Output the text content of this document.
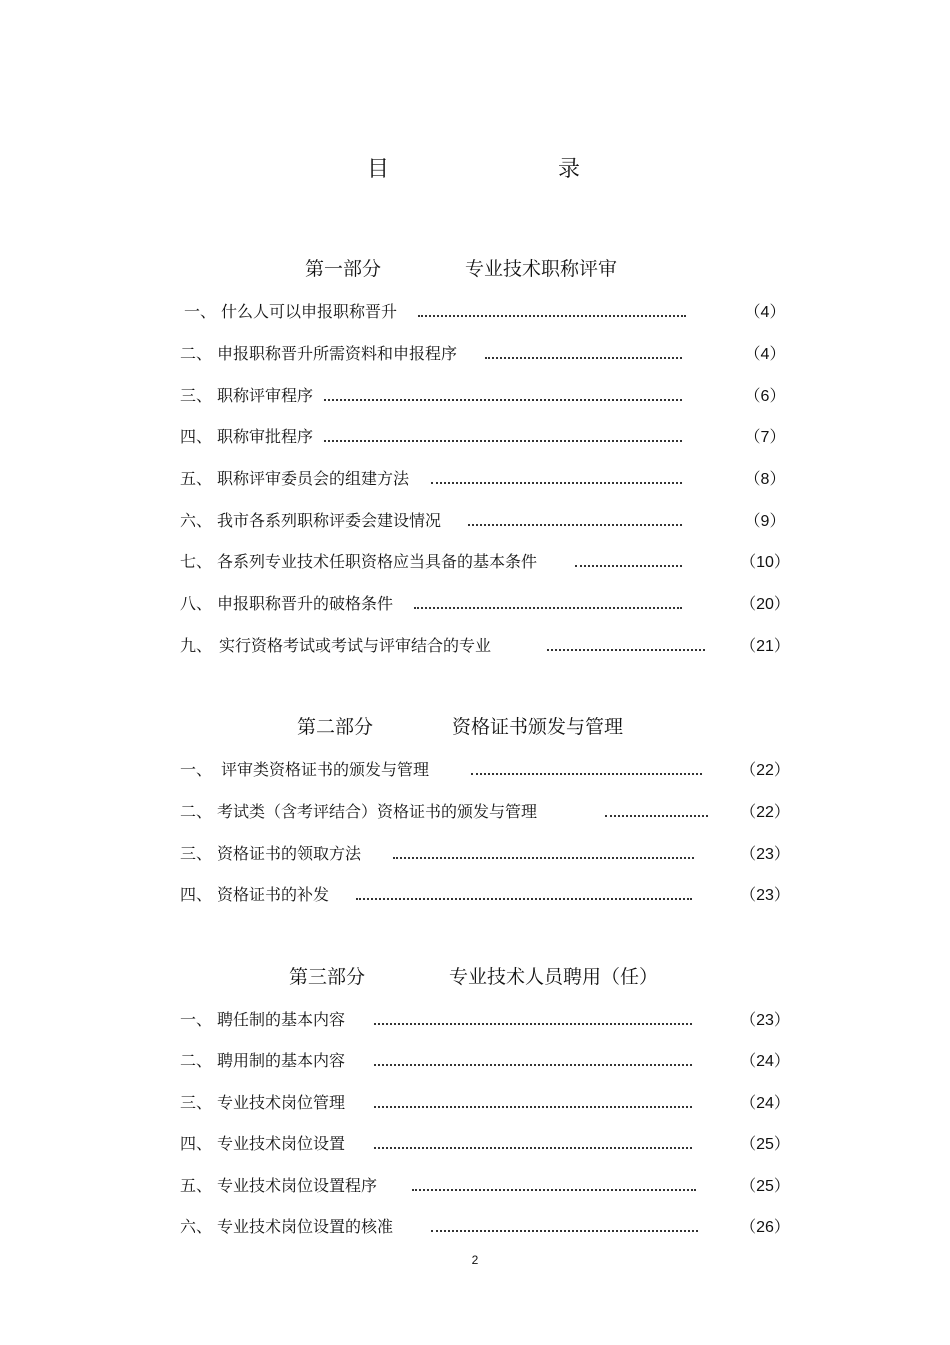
目	录
第一部分	专业技术职称评审
一、 什么人可以申报职称晋升	（4）
二、 申报职称晋升所需资料和申报程序	（4）
三、 职称评审程序	（6）
四、 职称审批程序	（7）
五、 职称评审委员会的组建方法	（8）
六、 我市各系列职称评委会建设情况	（9）
七、 各系列专业技术任职资格应当具备的基本条件	（10）
八、 申报职称晋升的破格条件	（20）
九、 实行资格考试或考试与评审结合的专业	（21）
第二部分	资格证书颁发与管理
一、 评审类资格证书的颁发与管理	（22）
二、 考试类（含考评结合）资格证书的颁发与管理	（22）
三、 资格证书的领取方法	（23）
四、 资格证书的补发	（23）
第三部分	专业技术人员聘用（任）
一、 聘任制的基本内容	（23）
二、 聘用制的基本内容	（24）
三、 专业技术岗位管理	（24）
四、 专业技术岗位设置	（25）
五、 专业技术岗位设置程序	（25）
六、 专业技术岗位设置的核准	（26）
2
